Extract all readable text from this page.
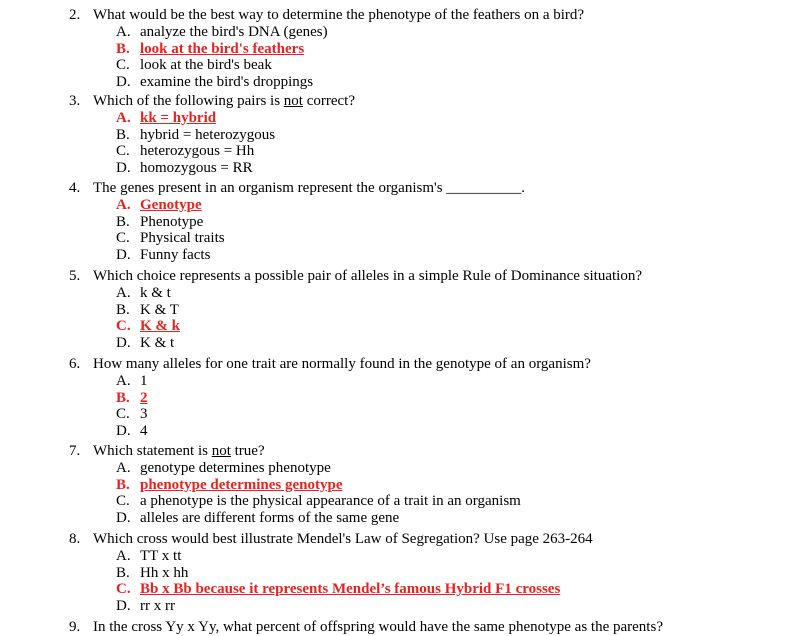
2. What would be the best way to determine the phenotype of the feathers on a bird?
A. analyze the bird's DNA (genes)
B. look at the bird's feathers
C. look at the bird's beak
D. examine the bird's droppings
3. Which of the following pairs is not correct?
A. kk = hybrid
B. hybrid = heterozygous
C. heterozygous = Hh
D. homozygous = RR
4. The genes present in an organism represent the organism's __________.
A. Genotype
B. Phenotype
C. Physical traits
D. Funny facts
5. Which choice represents a possible pair of alleles in a simple Rule of Dominance situation?
A. k & t
B. K & T
C. K & k
D. K & t
6. How many alleles for one trait are normally found in the genotype of an organism?
A. 1
B. 2
C. 3
D. 4
7. Which statement is not true?
A. genotype determines phenotype
B. phenotype determines genotype
C. a phenotype is the physical appearance of a trait in an organism
D. alleles are different forms of the same gene
8. Which cross would best illustrate Mendel's Law of Segregation? Use page 263-264
A. TT x tt
B. Hh x hh
C. Bb x Bb because it represents Mendel’s famous Hybrid F1 crosses
D. rr x rr
9. In the cross Yy x Yy, what percent of offspring would have the same phenotype as the parents?
